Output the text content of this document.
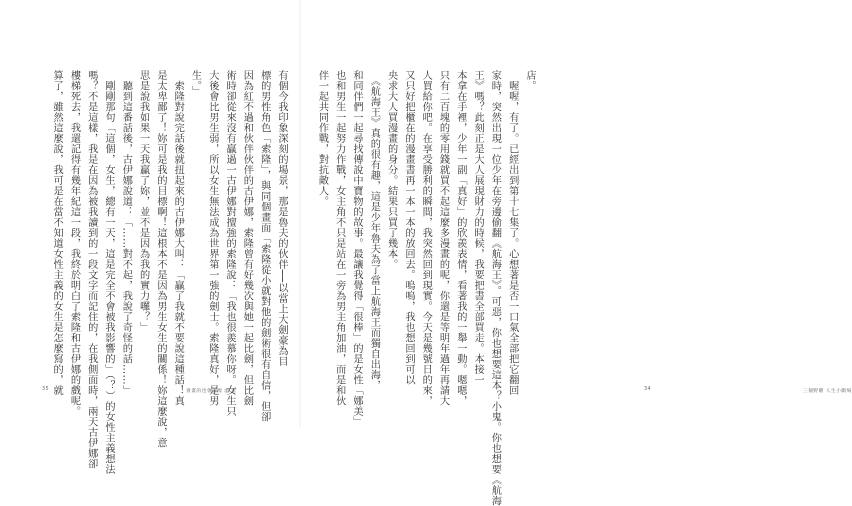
有個今我印象深刻的場景，那是魯夫的伙伴──以當上大劍豪為目
標的男性角色「索隆」，與同個畫面「索隆從小就對他的劍術很有自信，但卻
因為紅不過和伙伴伙伴的古伊娜，索隆曾有好幾次與她一起比劍，但比劍
術時卻從來沒有贏過一古伊娜對擅強的索隆說：「我也很羨慕你呀。女生只
大後會比男生弱，所以女生無法成為世界第一強的劍士。索隆真好，是男
生。」
　索隆對說完話後就扭起來的古伊娜大叫：「贏了我就不要說這種話！真
是太卑鄙了！妳可是我的目標啊！這根本不是因為男生女生的關係！妳這麼說，意
思是說我如果一天我贏了妳，並不是因為我的實力囉？」
　聽到這番話後，古伊娜說道：「……對不起，我說了奇怪的話……」
　剛剛那句「這個，女生，總有一天，這是完全不會被我影響的」（？）的女性主義想法
嗎？不是這樣，我是在因為被我讀到的一段文字而記住的，在我側面時，兩天古伊娜卻
樓梯死去，我還記得有幾年紀這一段，我終於明白了索隆和古伊娜的戲呢。
算了，雖然這麼說，我可是在當不知道女性主義的女生是怎麼寫的，就
35	會畫的也會畫漫 溫 柔
店。
　喔喔，有了。已經出到第十七集了。心想著是否一口氣全部把它翻回
家時，突然出現一位少年在旁邊偷翻《航海王》。可惡，你也想要這本？小鬼。你也想要《航海
王》嗎？此刻正是大人展現財力的時候，我要把書全部買走。本接一
本拿在手裡，少年一副「真好」的欣羨表情，看著我的一舉一動。嗯嗯，
只有二百塊的零用錢就買不起這麼多漫畫的呢，你還是等明年過年再請大
人買給你吧。在享受勝利的瞬間，我突然回到現實。今天是幾號日的來，
又只好把櫃在的漫畫書再一本一本的放回去。嗚嗚，我也想回到可以
央求大人買漫畫的身分。結果只買了幾本。
　《航海王》真的很有趣，這是少年魯夫為了當上航海王而獨自出海，
和同伴們一起尋找傳說中寶物的故事。最讓我覺得「很棒」的是女性「娜美」
也和男生一起努力作戰，女主角不只是站在一旁為男主角加油，而是和伙
伴一起共同作戰，對抗敵人。
34	三個野雞 人生小劇場
